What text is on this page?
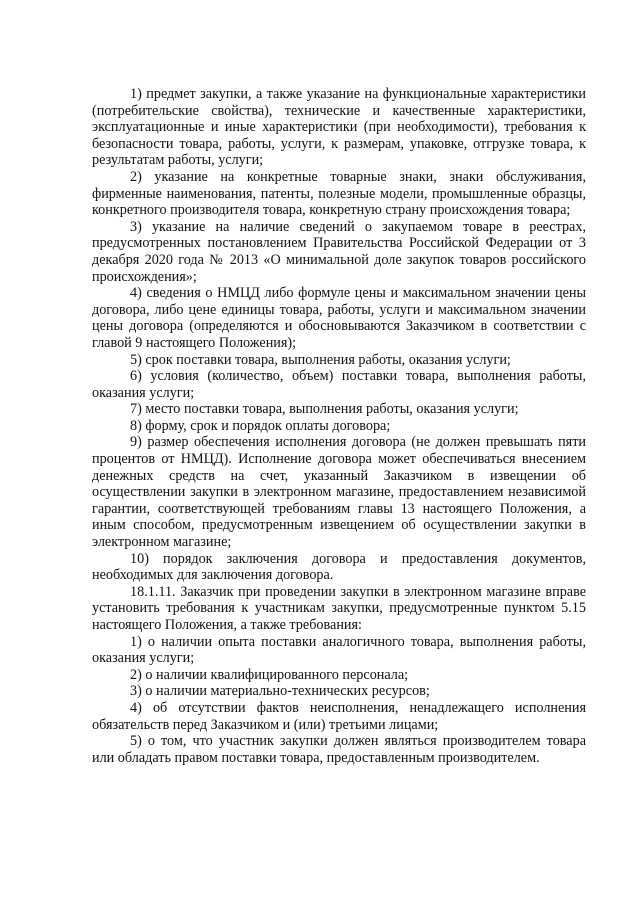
1) предмет закупки, а также указание на функциональные характеристики (потребительские свойства), технические и качественные характеристики, эксплуатационные и иные характеристики (при необходимости), требования к безопасности товара, работы, услуги, к размерам, упаковке, отгрузке товара, к результатам работы, услуги;

2) указание на конкретные товарные знаки, знаки обслуживания, фирменные наименования, патенты, полезные модели, промышленные образцы, конкретного производителя товара, конкретную страну происхождения товара;

3) указание на наличие сведений о закупаемом товаре в реестрах, предусмотренных постановлением Правительства Российской Федерации от 3 декабря 2020 года № 2013 «О минимальной доле закупок товаров российского происхождения»;

4) сведения о НМЦД либо формуле цены и максимальном значении цены договора, либо цене единицы товара, работы, услуги и максимальном значении цены договора (определяются и обосновываются Заказчиком в соответствии с главой 9 настоящего Положения);

5) срок поставки товара, выполнения работы, оказания услуги;

6) условия (количество, объем) поставки товара, выполнения работы, оказания услуги;

7) место поставки товара, выполнения работы, оказания услуги;

8) форму, срок и порядок оплаты договора;

9) размер обеспечения исполнения договора (не должен превышать пяти процентов от НМЦД). Исполнение договора может обеспечиваться внесением денежных средств на счет, указанный Заказчиком в извещении об осуществлении закупки в электронном магазине, предоставлением независимой гарантии, соответствующей требованиям главы 13 настоящего Положения, а иным способом, предусмотренным извещением об осуществлении закупки в электронном магазине;

10) порядок заключения договора и предоставления документов, необходимых для заключения договора.

18.1.11. Заказчик при проведении закупки в электронном магазине вправе установить требования к участникам закупки, предусмотренные пунктом 5.15 настоящего Положения, а также требования:

1) о наличии опыта поставки аналогичного товара, выполнения работы, оказания услуги;

2) о наличии квалифицированного персонала;

3) о наличии материально-технических ресурсов;

4) об отсутствии фактов неисполнения, ненадлежащего исполнения обязательств перед Заказчиком и (или) третьими лицами;

5) о том, что участник закупки должен являться производителем товара или обладать правом поставки товара, предоставленным производителем.
